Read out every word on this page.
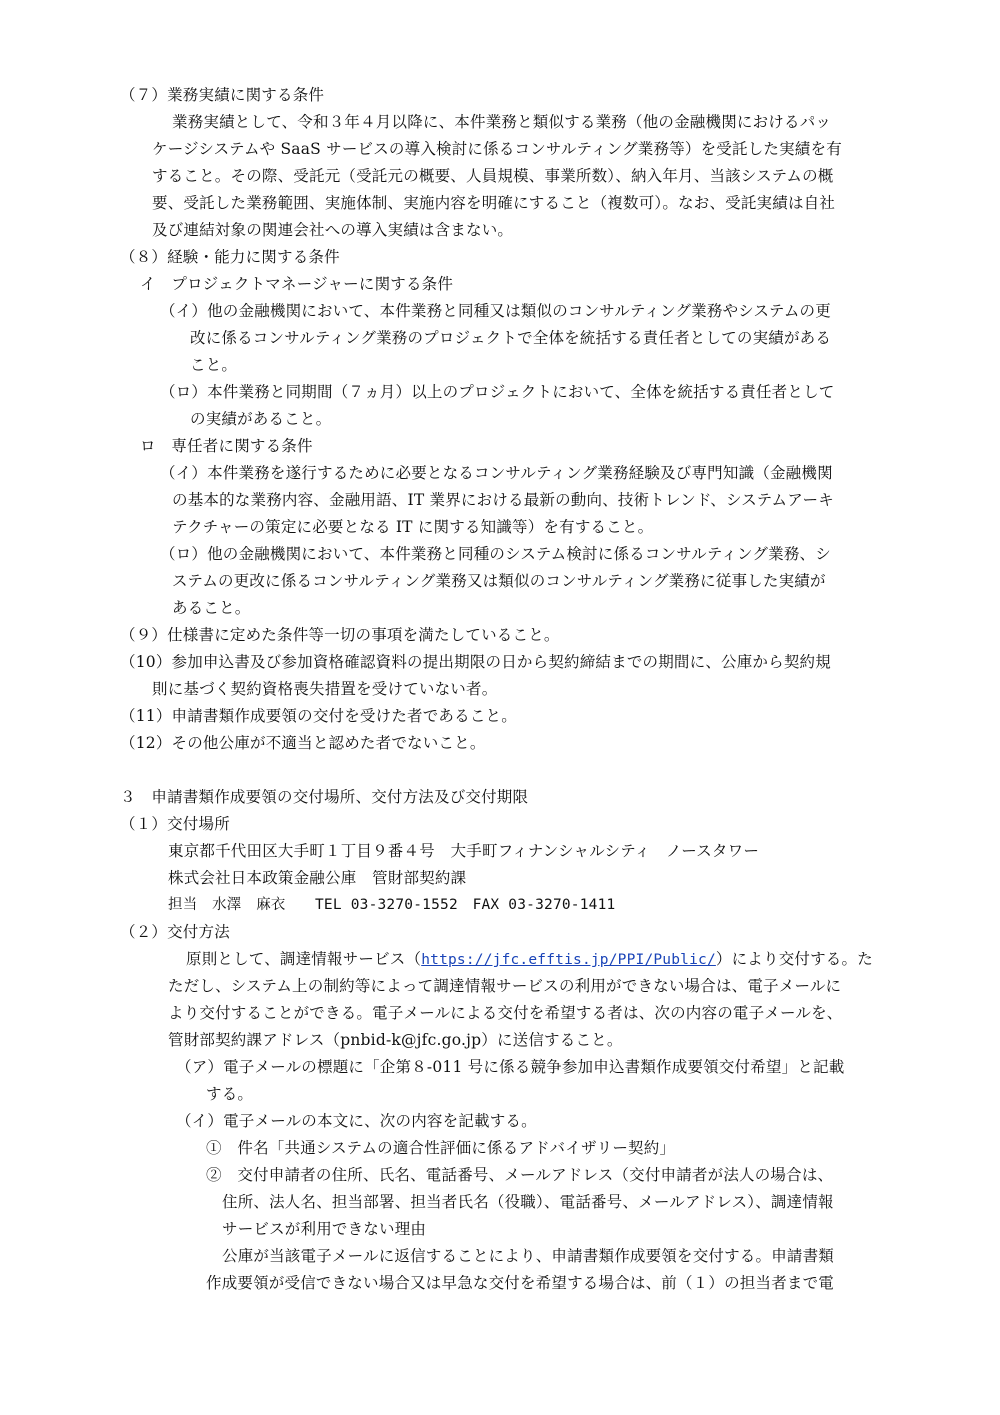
（７）業務実績に関する条件
業務実績として、令和３年４月以降に、本件業務と類似する業務（他の金融機関におけるパッ
ケージシステムや SaaS サービスの導入検討に係るコンサルティング業務等）を受託した実績を有
すること。その際、受託元（受託元の概要、人員規模、事業所数）、納入年月、当該システムの概
要、受託した業務範囲、実施体制、実施内容を明確にすること（複数可）。なお、受託実績は自社
及び連結対象の関連会社への導入実績は含まない。
（８）経験・能力に関する条件
イ　プロジェクトマネージャーに関する条件
（イ）他の金融機関において、本件業務と同種又は類似のコンサルティング業務やシステムの更
改に係るコンサルティング業務のプロジェクトで全体を統括する責任者としての実績がある
こと。
（ロ）本件業務と同期間（７ヵ月）以上のプロジェクトにおいて、全体を統括する責任者として
の実績があること。
ロ　専任者に関する条件
（イ）本件業務を遂行するために必要となるコンサルティング業務経験及び専門知識（金融機関
の基本的な業務内容、金融用語、IT 業界における最新の動向、技術トレンド、システムアーキ
テクチャーの策定に必要となる IT に関する知識等）を有すること。
（ロ）他の金融機関において、本件業務と同種のシステム検討に係るコンサルティング業務、シ
ステムの更改に係るコンサルティング業務又は類似のコンサルティング業務に従事した実績が
あること。
（９）仕様書に定めた条件等一切の事項を満たしていること。
（10）参加申込書及び参加資格確認資料の提出期限の日から契約締結までの期間に、公庫から契約規
則に基づく契約資格喪失措置を受けていない者。
（11）申請書類作成要領の交付を受けた者であること。
（12）その他公庫が不適当と認めた者でないこと。
３　申請書類作成要領の交付場所、交付方法及び交付期限
（１）交付場所
東京都千代田区大手町１丁目９番４号　大手町フィナンシャルシティ　ノースタワー
株式会社日本政策金融公庫　管財部契約課
担当　水澤　麻衣　　TEL 03-3270-1552　FAX 03-3270-1411
（２）交付方法
原則として、調達情報サービス（https://jfc.efftis.jp/PPI/Public/）により交付する。た
ただし、システム上の制約等によって調達情報サービスの利用ができない場合は、電子メールに
より交付することができる。電子メールによる交付を希望する者は、次の内容の電子メールを、
管財部契約課アドレス（pnbid-k@jfc.go.jp）に送信すること。
（ア）電子メールの標題に「企第８-011 号に係る競争参加申込書類作成要領交付希望」と記載
する。
（イ）電子メールの本文に、次の内容を記載する。
①　件名「共通システムの適合性評価に係るアドバイザリー契約」
②　交付申請者の住所、氏名、電話番号、メールアドレス（交付申請者が法人の場合は、
住所、法人名、担当部署、担当者氏名（役職）、電話番号、メールアドレス）、調達情報
サービスが利用できない理由
公庫が当該電子メールに返信することにより、申請書類作成要領を交付する。申請書類
作成要領が受信できない場合又は早急な交付を希望する場合は、前（１）の担当者まで電
